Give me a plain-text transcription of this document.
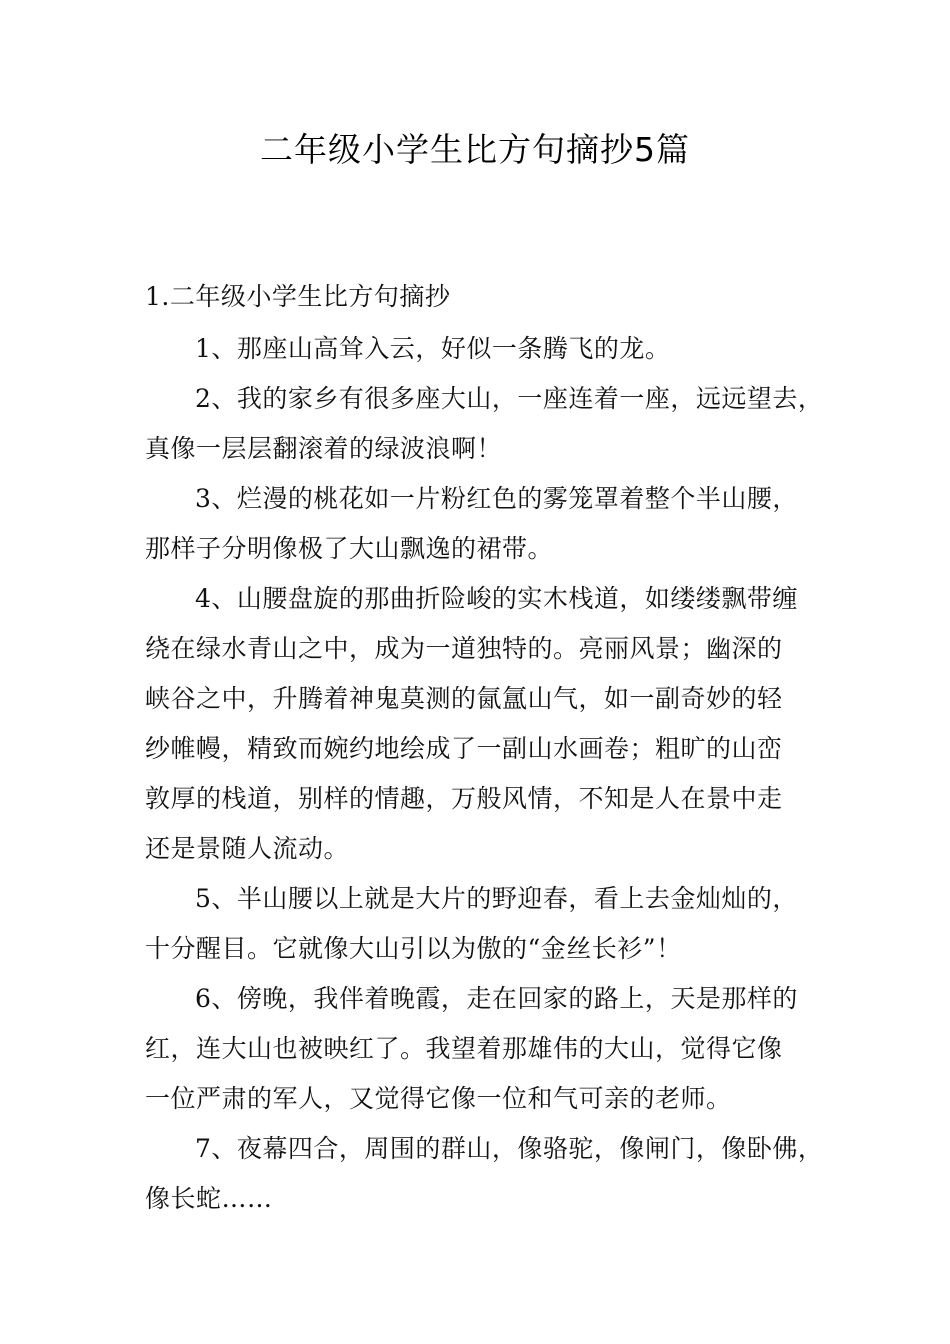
二年级小学生比方句摘抄5篇
1.二年级小学生比方句摘抄
1、那座山高耸入云，好似一条腾飞的龙。
2、我的家乡有很多座大山，一座连着一座，远远望去，
真像一层层翻滚着的绿波浪啊！
3、烂漫的桃花如一片粉红色的雾笼罩着整个半山腰，
那样子分明像极了大山飘逸的裙带。
4、山腰盘旋的那曲折险峻的实木栈道，如缕缕飘带缠
绕在绿水青山之中，成为一道独特的。亮丽风景；幽深的
峡谷之中，升腾着神鬼莫测的氤氲山气，如一副奇妙的轻
纱帷幔，精致而婉约地绘成了一副山水画卷；粗旷的山峦
敦厚的栈道，别样的情趣，万般风情，不知是人在景中走
还是景随人流动。
5、半山腰以上就是大片的野迎春，看上去金灿灿的，
十分醒目。它就像大山引以为傲的“金丝长衫”！
6、傍晚，我伴着晚霞，走在回家的路上，天是那样的
红，连大山也被映红了。我望着那雄伟的大山，觉得它像
一位严肃的军人，又觉得它像一位和气可亲的老师。
7、夜幕四合，周围的群山，像骆驼，像闸门，像卧佛，
像长蛇……
